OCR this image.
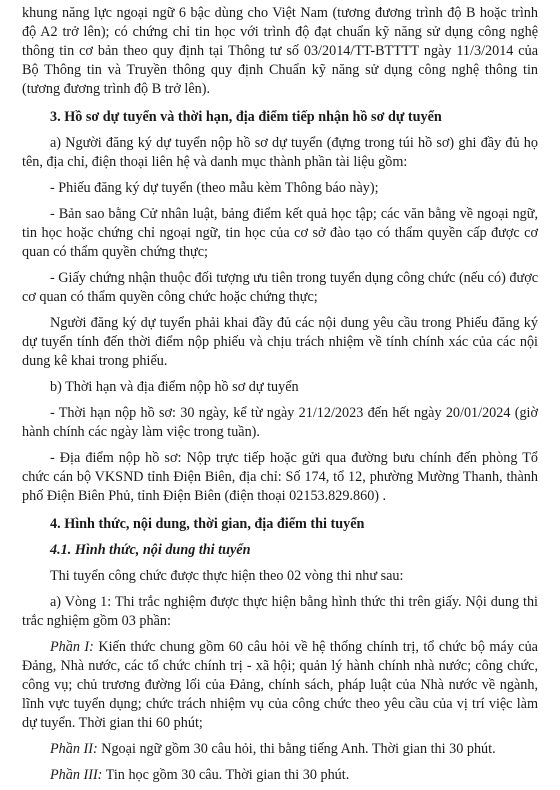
khung năng lực ngoại ngữ 6 bậc dùng cho Việt Nam (tương đương trình độ B hoặc trình độ A2 trở lên); có chứng chỉ tin học với trình độ đạt chuẩn kỹ năng sử dụng công nghệ thông tin cơ bản theo quy định tại Thông tư số 03/2014/TT-BTTTT ngày 11/3/2014 của Bộ Thông tin và Truyền thông quy định Chuẩn kỹ năng sử dụng công nghệ thông tin (tương đương trình độ B trở lên).

3. Hồ sơ dự tuyển và thời hạn, địa điểm tiếp nhận hồ sơ dự tuyển

a) Người đăng ký dự tuyển nộp hồ sơ dự tuyển (đựng trong túi hồ sơ) ghi đầy đủ họ tên, địa chỉ, điện thoại liên hệ và danh mục thành phần tài liệu gồm:

- Phiếu đăng ký dự tuyển (theo mẫu kèm Thông báo này);

- Bản sao bằng Cử nhân luật, bảng điểm kết quả học tập; các văn bằng về ngoại ngữ, tin học hoặc chứng chỉ ngoại ngữ, tin học của cơ sở đào tạo có thẩm quyền cấp được cơ quan có thẩm quyền chứng thực;

- Giấy chứng nhận thuộc đối tượng ưu tiên trong tuyển dụng công chức (nếu có) được cơ quan có thẩm quyền công chức hoặc chứng thực;

Người đăng ký dự tuyển phải khai đầy đủ các nội dung yêu cầu trong Phiếu đăng ký dự tuyển tính đến thời điểm nộp phiếu và chịu trách nhiệm về tính chính xác của các nội dung kê khai trong phiếu.

b) Thời hạn và địa điểm nộp hồ sơ dự tuyển

- Thời hạn nộp hồ sơ: 30 ngày, kể từ ngày 21/12/2023 đến hết ngày 20/01/2024 (giờ hành chính các ngày làm việc trong tuần).

- Địa điểm nộp hồ sơ: Nộp trực tiếp hoặc gửi qua đường bưu chính đến phòng Tổ chức cán bộ VKSND tỉnh Điện Biên, địa chỉ: Số 174, tổ 12, phường Mường Thanh, thành phố Điện Biên Phủ, tỉnh Điện Biên (điện thoại 02153.829.860) .

4. Hình thức, nội dung, thời gian, địa điểm thi tuyển

4.1. Hình thức, nội dung thi tuyển

Thi tuyển công chức được thực hiện theo 02 vòng thi như sau:

a) Vòng 1: Thi trắc nghiệm được thực hiện bằng hình thức thi trên giấy. Nội dung thi trắc nghiệm gồm 03 phần:

Phần I: Kiến thức chung gồm 60 câu hỏi về hệ thống chính trị, tổ chức bộ máy của Đảng, Nhà nước, các tổ chức chính trị - xã hội; quản lý hành chính nhà nước; công chức, công vụ; chủ trương đường lối của Đảng, chính sách, pháp luật của Nhà nước về ngành, lĩnh vực tuyển dụng; chức trách nhiệm vụ của công chức theo yêu cầu của vị trí việc làm dự tuyển. Thời gian thi 60 phút;

Phần II: Ngoại ngữ gồm 30 câu hỏi, thi bằng tiếng Anh. Thời gian thi 30 phút.

Phần III: Tin học gồm 30 câu. Thời gian thi 30 phút.
